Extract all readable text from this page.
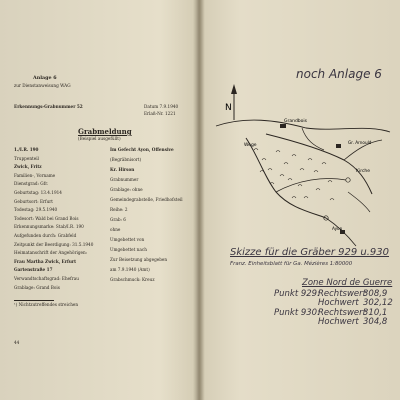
Anlage 6
zur Dienstanweisung WAG
Erkennungs-Grabnummer 52	Datum 7.9.1940
Erlaß-Nr. 1221
Grabmeldung
(Beispiel ausgefüllt)
1./I.R. 190
Truppenteil
Zwick, Fritz
Familien-, Vorname
Dienstgrad: Gfr.
Geburtstag: 13.4.1914
Geburtsort: Erfurt
Todestag: 29.5.1940
Todesort: Wald bei Grand Bois
Erkennungsmarke: Stab/I.R. 190
Aufgefunden durch: Grabfeld
Zeitpunkt der Beerdigung: 31.5.1940
Heimatanschrift der Angehörigen:
Frau Martha Zwick, Erfurt
Gartenstraße 17
Verwandtschaftsgrad: Ehefrau
Grablage: Grand Bois
Im Gefecht Ayon, Offensive
(Begräbnisort)
Kr. Hirson
Grabnummer
Grablage: ohne
Gemeindegrabstelle, Friedhofsteil
Reihe: 2
Grab: 6
ohne
Umgebettet von
Umgebettet nach
Zur Beisetzung abgegeben
am 7.9.1940 (Amt)
Grabschmuck: Kreuz
¹) Nichtzutreffendes streichen
44
noch Anlage 6
N
Grandbois
Wege
Kirche
Gr. Arnould
Ayon
Skizze für die Gräber 929 u.930
Franz. Einheitsblatt für Ga. Mézières 1:80000
Zone Nord de Guerre
Punkt 929:
Rechtswert
308,9
Hochwert 302,12
Punkt 930:
Rechtswert
310,1
Hochwert 304,8
